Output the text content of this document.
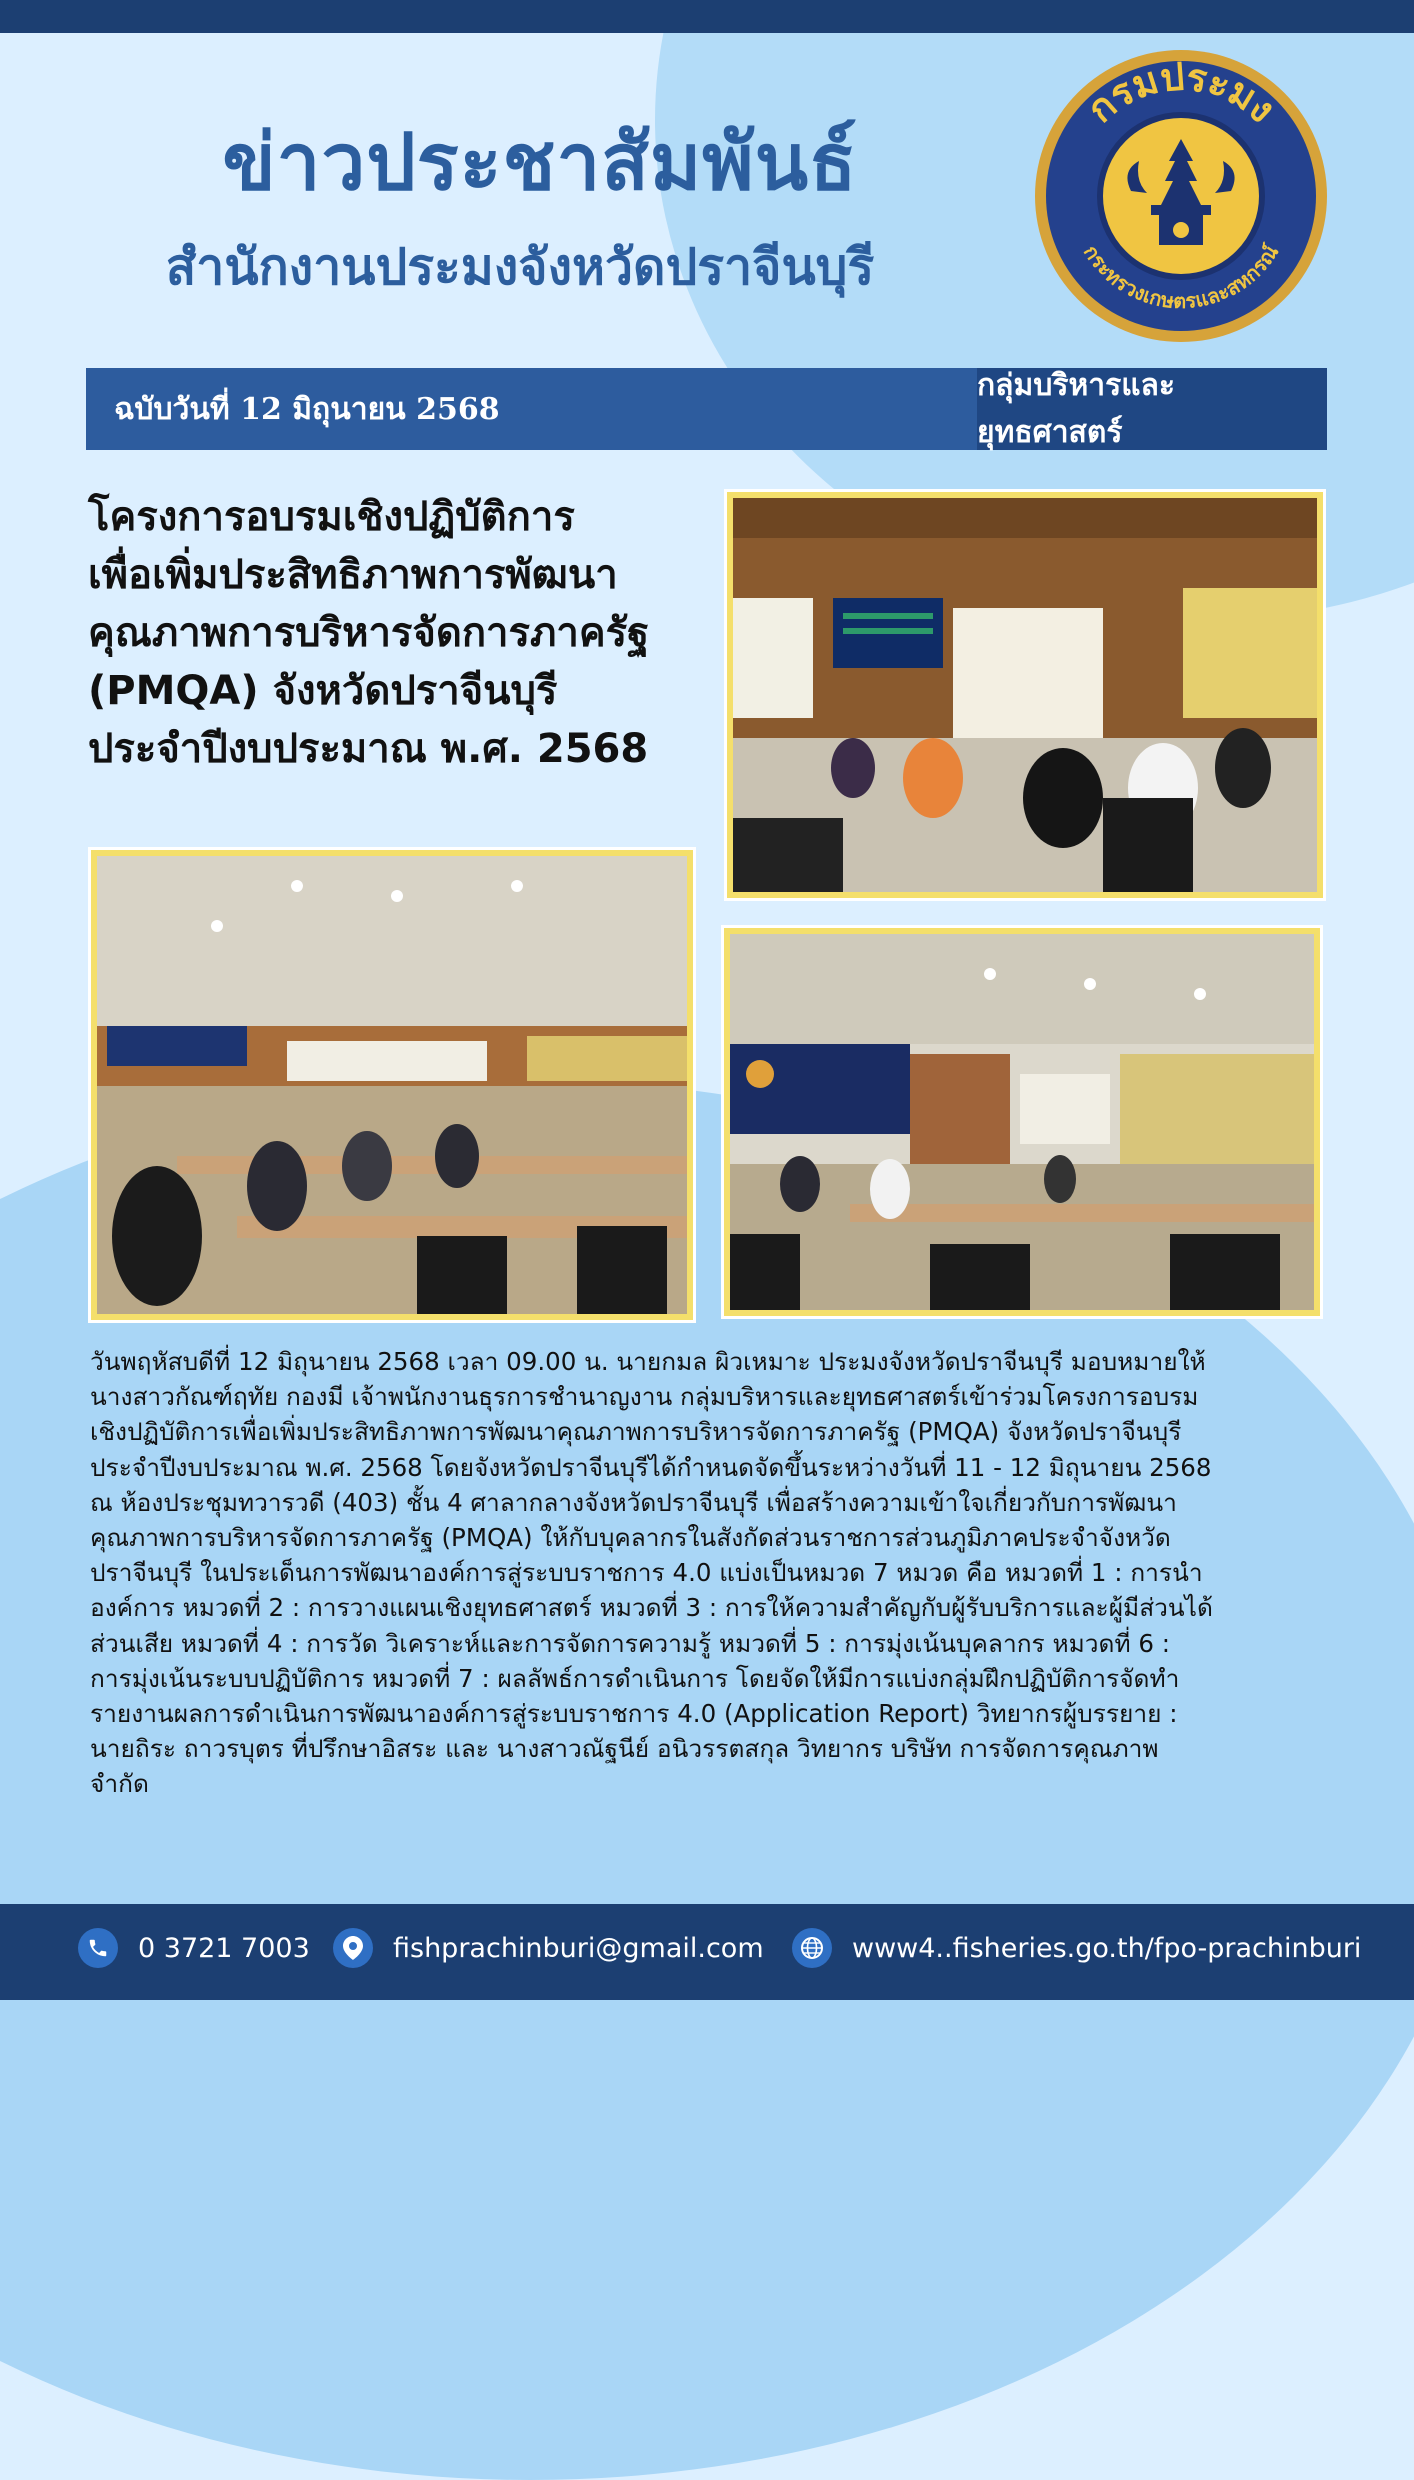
ข่าวประชาสัมพันธ์
สำนักงานประมงจังหวัดปราจีนบุรี
กรมประมง
กระทรวงเกษตรและสหกรณ์
ฉบับวันที่ 12 มิถุนายน 2568
กลุ่มบริหารและยุทธศาสตร์
โครงการอบรมเชิงปฏิบัติการ
เพื่อเพิ่มประสิทธิภาพการพัฒนา
คุณภาพการบริหารจัดการภาครัฐ
(PMQA) จังหวัดปราจีนบุรี
ประจำปีงบประมาณ พ.ศ. 2568
วันพฤหัสบดีที่ 12 มิถุนายน 2568 เวลา 09.00 น. นายกมล ผิวเหมาะ ประมงจังหวัดปราจีนบุรี มอบหมายให้
นางสาวกัณฑ์ฤทัย กองมี เจ้าพนักงานธุรการชำนาญงาน กลุ่มบริหารและยุทธศาสตร์เข้าร่วมโครงการอบรม
เชิงปฏิบัติการเพื่อเพิ่มประสิทธิภาพการพัฒนาคุณภาพการบริหารจัดการภาครัฐ (PMQA) จังหวัดปราจีนบุรี
ประจำปีงบประมาณ พ.ศ. 2568 โดยจังหวัดปราจีนบุรีได้กำหนดจัดขึ้นระหว่างวันที่ 11 - 12 มิถุนายน 2568
ณ ห้องประชุมทวารวดี (403) ชั้น 4 ศาลากลางจังหวัดปราจีนบุรี เพื่อสร้างความเข้าใจเกี่ยวกับการพัฒนา
คุณภาพการบริหารจัดการภาครัฐ (PMQA) ให้กับบุคลากรในสังกัดส่วนราชการส่วนภูมิภาคประจำจังหวัด
ปราจีนบุรี ในประเด็นการพัฒนาองค์การสู่ระบบราชการ 4.0 แบ่งเป็นหมวด 7 หมวด คือ หมวดที่ 1 : การนำ
องค์การ หมวดที่ 2 : การวางแผนเชิงยุทธศาสตร์ หมวดที่ 3 : การให้ความสำคัญกับผู้รับบริการและผู้มีส่วนได้
ส่วนเสีย หมวดที่ 4 : การวัด วิเคราะห์และการจัดการความรู้ หมวดที่ 5 : การมุ่งเน้นบุคลากร หมวดที่ 6 :
การมุ่งเน้นระบบปฏิบัติการ หมวดที่ 7 : ผลลัพธ์การดำเนินการ โดยจัดให้มีการแบ่งกลุ่มฝึกปฏิบัติการจัดทำ
รายงานผลการดำเนินการพัฒนาองค์การสู่ระบบราชการ 4.0 (Application Report) วิทยากรผู้บรรยาย :
นายถิระ ถาวรบุตร ที่ปรึกษาอิสระ และ นางสาวณัฐนีย์ อนิวรรตสกุล วิทยากร บริษัท การจัดการคุณภาพ
จำกัด
0 3721 7003	fishprachinburi@gmail.com	www4..fisheries.go.th/fpo-prachinburi
